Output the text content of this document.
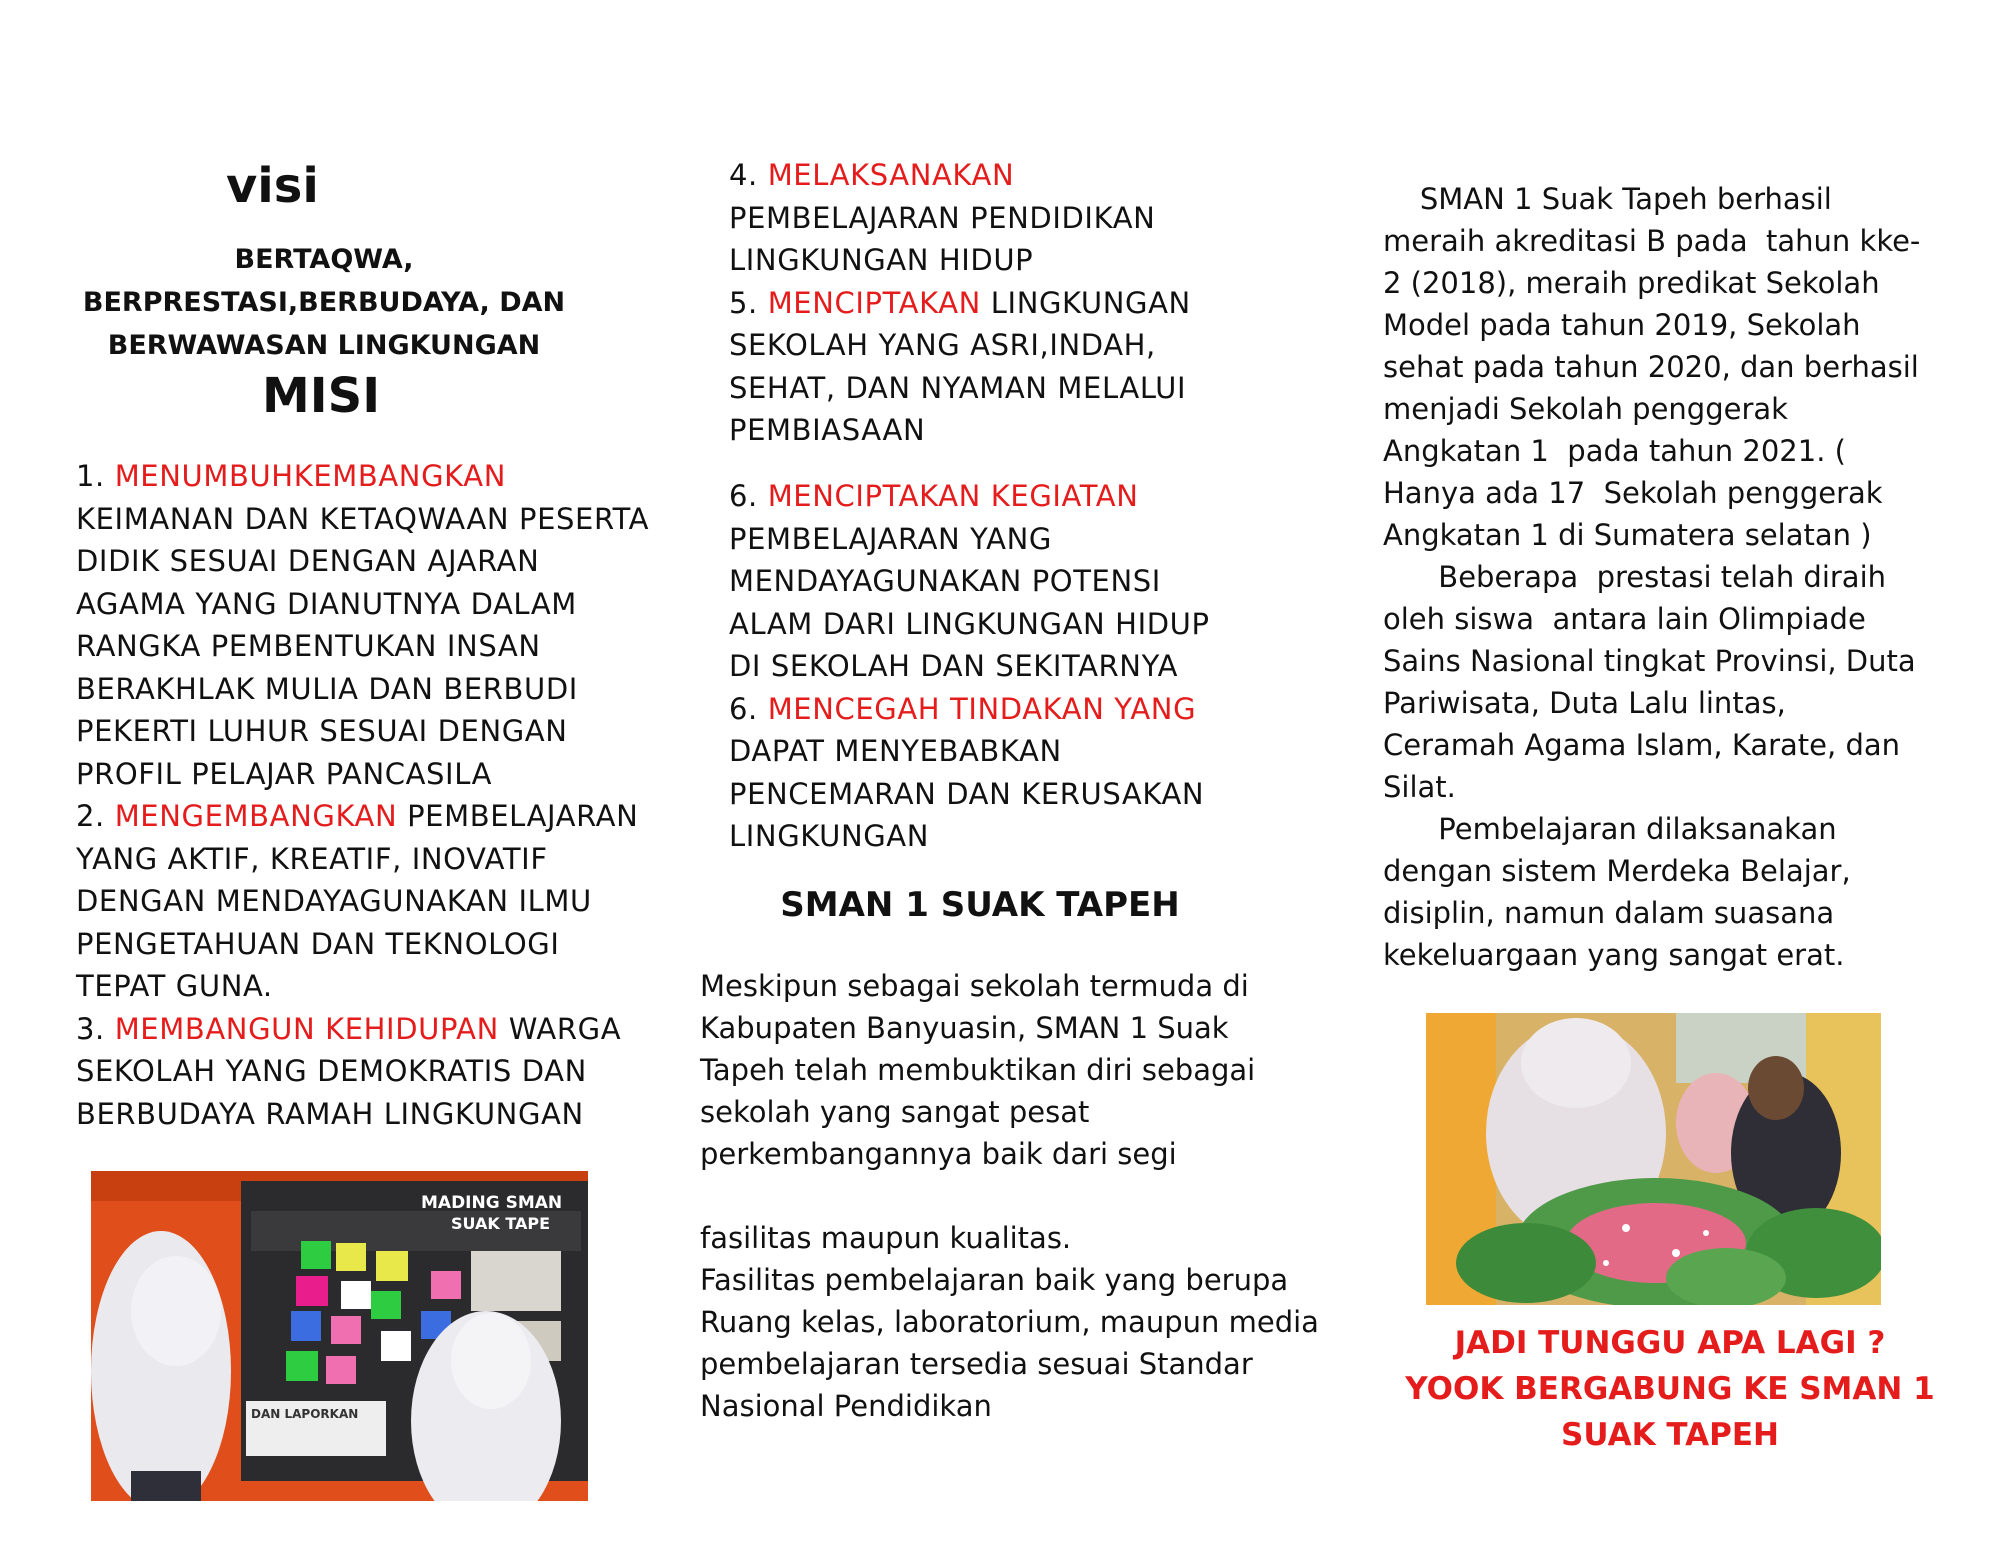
visi
BERTAQWA,
BERPRESTASI,BERBUDAYA, DAN
BERWAWASAN LINGKUNGAN
MISI
1. MENUMBUHKEMBANGKAN
KEIMANAN DAN KETAQWAAN PESERTA
DIDIK SESUAI DENGAN AJARAN
AGAMA YANG DIANUTNYA DALAM
RANGKA PEMBENTUKAN INSAN
BERAKHLAK MULIA DAN BERBUDI
PEKERTI LUHUR SESUAI DENGAN
PROFIL PELAJAR PANCASILA
2. MENGEMBANGKAN PEMBELAJARAN
YANG AKTIF, KREATIF, INOVATIF
DENGAN MENDAYAGUNAKAN ILMU
PENGETAHUAN DAN TEKNOLOGI
TEPAT GUNA.
3. MEMBANGUN KEHIDUPAN WARGA
SEKOLAH YANG DEMOKRATIS DAN
BERBUDAYA RAMAH LINGKUNGAN
4. MELAKSANAKAN
PEMBELAJARAN PENDIDIKAN
LINGKUNGAN HIDUP
5. MENCIPTAKAN LINGKUNGAN
SEKOLAH YANG ASRI,INDAH,
SEHAT, DAN NYAMAN MELALUI
PEMBIASAAN
6. MENCIPTAKAN KEGIATAN
PEMBELAJARAN YANG
MENDAYAGUNAKAN POTENSI
ALAM DARI LINGKUNGAN HIDUP
DI SEKOLAH DAN SEKITARNYA
6. MENCEGAH TINDAKAN YANG
DAPAT MENYEBABKAN
PENCEMARAN DAN KERUSAKAN
LINGKUNGAN
SMAN 1 SUAK TAPEH
Meskipun sebagai sekolah termuda di
Kabupaten Banyuasin, SMAN 1 Suak
Tapeh telah membuktikan diri sebagai
sekolah yang sangat pesat
perkembangannya baik dari segi
fasilitas maupun kualitas.
Fasilitas pembelajaran baik yang berupa
Ruang kelas, laboratorium, maupun media
pembelajaran tersedia sesuai Standar
Nasional Pendidikan
SMAN 1 Suak Tapeh berhasil
meraih akreditasi B pada  tahun kke-
2 (2018), meraih predikat Sekolah
Model pada tahun 2019, Sekolah
sehat pada tahun 2020, dan berhasil
menjadi Sekolah penggerak
Angkatan 1  pada tahun 2021. (
Hanya ada 17  Sekolah penggerak
Angkatan 1 di Sumatera selatan )
Beberapa  prestasi telah diraih
oleh siswa  antara lain Olimpiade
Sains Nasional tingkat Provinsi, Duta
Pariwisata, Duta Lalu lintas,
Ceramah Agama Islam, Karate, dan
Silat.
Pembelajaran dilaksanakan
dengan sistem Merdeka Belajar,
disiplin, namun dalam suasana
kekeluargaan yang sangat erat.
MADING SMAN
SUAK TAPE
DAN LAPORKAN
JADI TUNGGU APA LAGI ?
YOOK BERGABUNG KE SMAN 1
SUAK TAPEH
